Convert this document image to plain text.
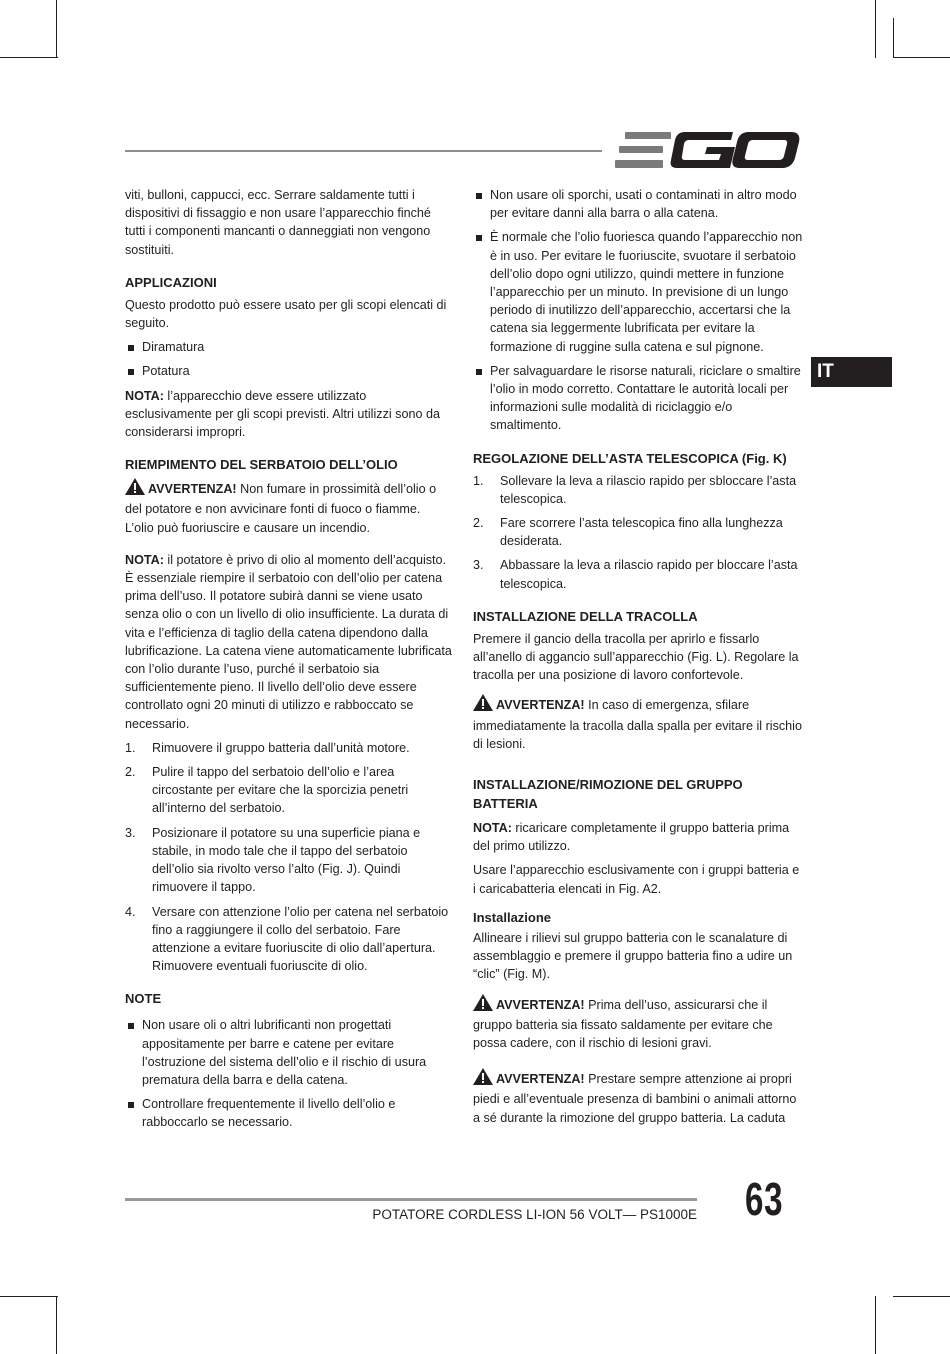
IT

viti, bulloni, cappucci, ecc. Serrare saldamente tutti i dispositivi di fissaggio e non usare l’apparecchio finché tutti i componenti mancanti o danneggiati non vengono sostituiti.

APPLICAZIONI

Questo prodotto può essere usato per gli scopi elencati di seguito.

Diramatura
Potatura

NOTA: l’apparecchio deve essere utilizzato esclusivamente per gli scopi previsti. Altri utilizzi sono da considerarsi impropri.

RIEMPIMENTO DEL SERBATOIO DELL’OLIO

AVVERTENZA! Non fumare in prossimità dell’olio o del potatore e non avvicinare fonti di fuoco o fiamme. L’olio può fuoriuscire e causare un incendio.

NOTA: il potatore è privo di olio al momento dell’acquisto. È essenziale riempire il serbatoio con dell’olio per catena prima dell’uso. Il potatore subirà danni se viene usato senza olio o con un livello di olio insufficiente. La durata di vita e l’efficienza di taglio della catena dipendono dalla lubrificazione. La catena viene automaticamente lubrificata con l’olio durante l’uso, purché il serbatoio sia sufficientemente pieno. Il livello dell’olio deve essere controllato ogni 20 minuti di utilizzo e rabboccato se necessario.

1. Rimuovere il gruppo batteria dall’unità motore.
2. Pulire il tappo del serbatoio dell’olio e l’area circostante per evitare che la sporcizia penetri all’interno del serbatoio.
3. Posizionare il potatore su una superficie piana e stabile, in modo tale che il tappo del serbatoio dell’olio sia rivolto verso l’alto (Fig. J). Quindi rimuovere il tappo.
4. Versare con attenzione l’olio per catena nel serbatoio fino a raggiungere il collo del serbatoio. Fare attenzione a evitare fuoriuscite di olio dall’apertura. Rimuovere eventuali fuoriuscite di olio.
NOTE
Non usare oli o altri lubrificanti non progettati appositamente per barre e catene per evitare l’ostruzione del sistema dell’olio e il rischio di usura prematura della barra e della catena.
Controllare frequentemente il livello dell’olio e rabboccarlo se necessario.
Non usare oli sporchi, usati o contaminati in altro modo per evitare danni alla barra o alla catena.
È normale che l’olio fuoriesca quando l’apparecchio non è in uso. Per evitare le fuoriuscite, svuotare il serbatoio dell’olio dopo ogni utilizzo, quindi mettere in funzione l’apparecchio per un minuto. In previsione di un lungo periodo di inutilizzo dell’apparecchio, accertarsi che la catena sia leggermente lubrificata per evitare la formazione di ruggine sulla catena e sul pignone.
Per salvaguardare le risorse naturali, riciclare o smaltire l’olio in modo corretto. Contattare le autorità locali per informazioni sulle modalità di riciclaggio e/o smaltimento.
REGOLAZIONE DELL’ASTA TELESCOPICA (Fig. K)
1. Sollevare la leva a rilascio rapido per sbloccare l’asta telescopica.
2. Fare scorrere l’asta telescopica fino alla lunghezza desiderata.
3. Abbassare la leva a rilascio rapido per bloccare l’asta telescopica.
INSTALLAZIONE DELLA TRACOLLA

Premere il gancio della tracolla per aprirlo e fissarlo all’anello di aggancio sull’apparecchio (Fig. L). Regolare la tracolla per una posizione di lavoro confortevole.

AVVERTENZA! In caso di emergenza, sfilare immediatamente la tracolla dalla spalla per evitare il rischio di lesioni.

INSTALLAZIONE/RIMOZIONE DEL GRUPPO BATTERIA

NOTA: ricaricare completamente il gruppo batteria prima del primo utilizzo.

Usare l’apparecchio esclusivamente con i gruppi batteria e i caricabatteria elencati in Fig. A2.

Installazione

Allineare i rilievi sul gruppo batteria con le scanalature di assemblaggio e premere il gruppo batteria fino a udire un “clic” (Fig. M).

AVVERTENZA! Prima dell’uso, assicurarsi che il gruppo batteria sia fissato saldamente per evitare che possa cadere, con il rischio di lesioni gravi.

AVVERTENZA! Prestare sempre attenzione ai propri piedi e all’eventuale presenza di bambini o animali attorno a sé durante la rimozione del gruppo batteria. La caduta

POTATORE CORDLESS LI-ION 56 VOLT— PS1000E 63
